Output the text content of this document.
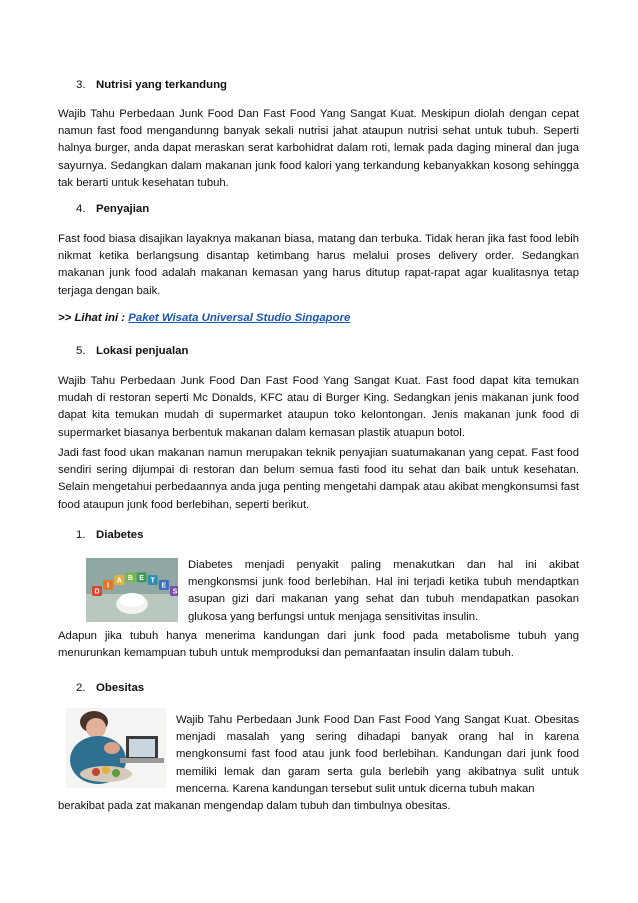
3. Nutrisi yang terkandung

Wajib Tahu Perbedaan Junk Food Dan Fast Food Yang Sangat Kuat. Meskipun diolah dengan cepat namun fast food mengandunng banyak sekali nutrisi jahat ataupun nutrisi sehat untuk tubuh. Seperti halnya burger, anda dapat meraskan serat karbohidrat dalam roti, lemak pada daging mineral dan juga sayurnya. Sedangkan dalam makanan junk food kalori yang terkandung kebanyakkan kosong sehingga tak berarti untuk kesehatan tubuh.

4. Penyajian

Fast food biasa disajikan layaknya makanan biasa, matang dan terbuka. Tidak heran jika fast food lebih nikmat ketika berlangsung disantap ketimbang harus melalui proses delivery order. Sedangkan makanan junk food adalah makanan kemasan yang harus ditutup rapat-rapat agar kualitasnya tetap terjaga dengan baik.

>> Lihat ini : Paket Wisata Universal Studio Singapore
5. Lokasi penjualan

Wajib Tahu Perbedaan Junk Food Dan Fast Food Yang Sangat Kuat. Fast food dapat kita temukan mudah di restoran seperti Mc Donalds, KFC atau di Burger King. Sedangkan jenis makanan junk food dapat kita temukan mudah di supermarket ataupun toko kelontongan. Jenis makanan junk food di supermarket biasanya berbentuk makanan dalam kemasan plastik atuapun botol.

Jadi fast food ukan makanan namun merupakan teknik penyajian suatumakanan yang cepat. Fast food sendiri sering dijumpai di restoran dan belum semua fasti food itu sehat dan baik untuk kesehatan. Selain mengetahui perbedaannya anda juga penting mengetahi dampak atau akibat mengkonsumsi fast food ataupun junk food berlebihan, seperti berikut.

1. Diabetes
D
I
A B E T
E
S

Diabetes menjadi penyakit paling menakutkan dan hal ini akibat mengkonsmsi junk food berlebihan. Hal ini terjadi ketika tubuh mendaptkan asupan gizi dari makanan yang sehat dan tubuh mendapatkan pasokan glukosa yang berfungsi untuk menjaga sensitivitas insulin.

Adapun jika tubuh hanya menerima kandungan dari junk food pada metabolisme tubuh yang menurunkan kemampuan tubuh untuk memproduksi dan pemanfaatan insulin dalam tubuh.

2. Obesitas

Wajib Tahu Perbedaan Junk Food Dan Fast Food Yang Sangat Kuat. Obesitas menjadi masalah yang sering dihadapi banyak orang hal in karena mengkonsumi fast food atau junk food berlebihan. Kandungan dari junk food memiliki lemak dan garam serta gula berlebih yang akibatnya sulit untuk mencerna. Karena kandungan tersebut sulit untuk dicerna tubuh makan

berakibat pada zat makanan mengendap dalam tubuh dan timbulnya obesitas.
